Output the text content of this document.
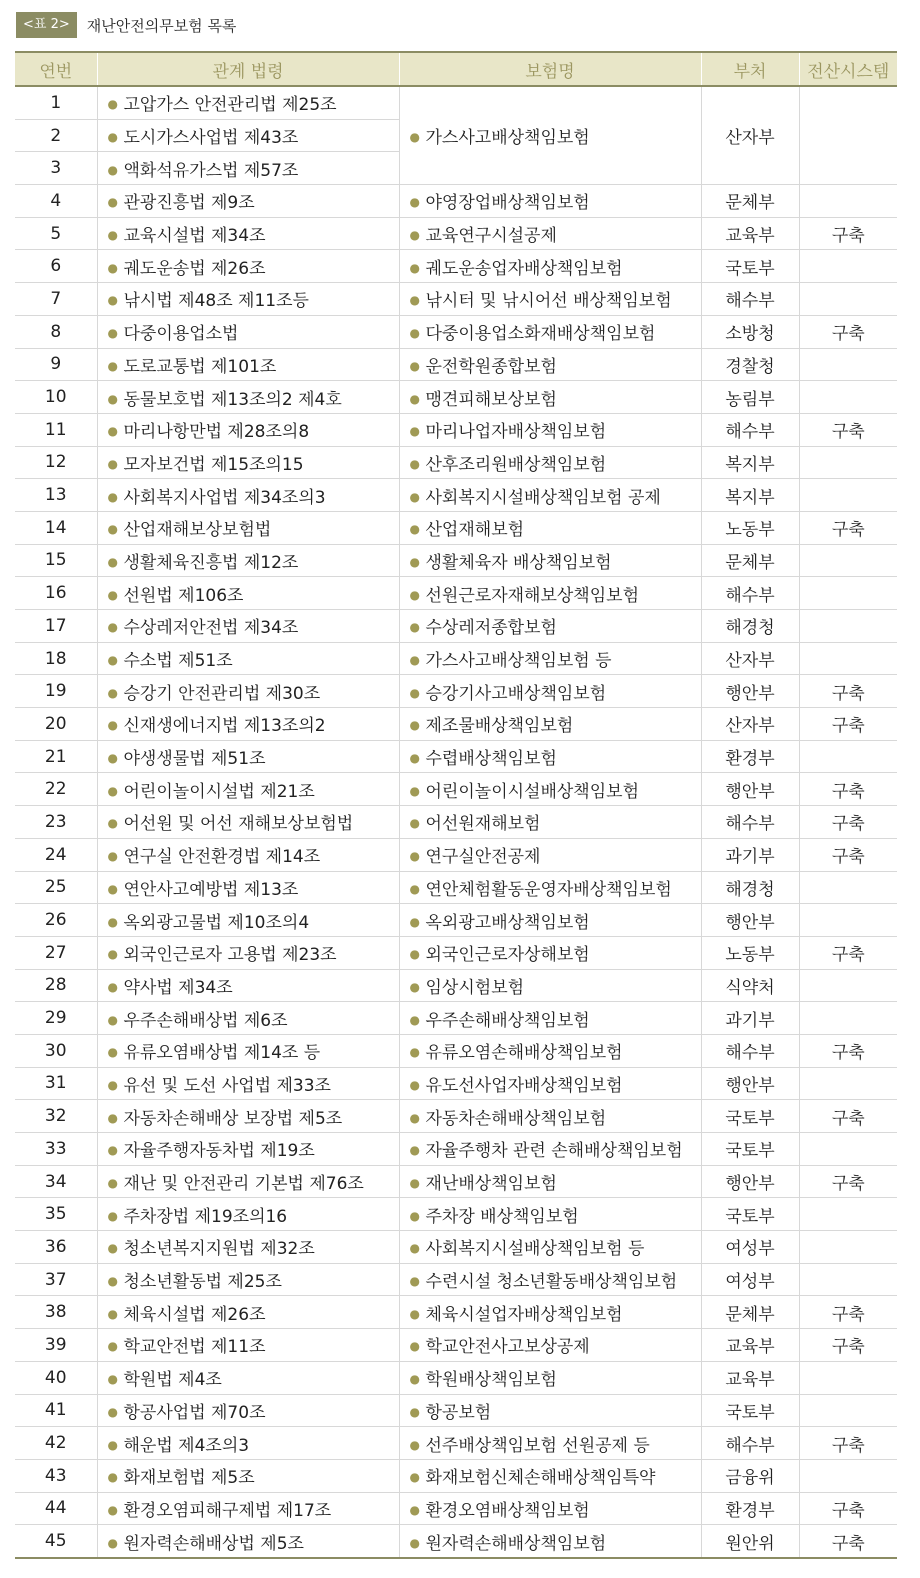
<표 2>	재난안전의무보험 목록
연번	관계 법령	보험명	부처	전산시스템
1	● 고압가스 안전관리법 제25조	● 가스사고배상책임보험	산자부	
2	● 도시가스사업법 제43조			
3	● 액화석유가스법 제57조			
4	● 관광진흥법 제9조	● 야영장업배상책임보험	문체부	
5	● 교육시설법 제34조	● 교육연구시설공제	교육부	구축
6	● 궤도운송법 제26조	● 궤도운송업자배상책임보험	국토부	
7	● 낚시법 제48조 제11조등	● 낚시터 및 낚시어선 배상책임보험	해수부	
8	● 다중이용업소법	● 다중이용업소화재배상책임보험	소방청	구축
9	● 도로교통법 제101조	● 운전학원종합보험	경찰청	
10	● 동물보호법 제13조의2 제4호	● 맹견피해보상보험	농림부	
11	● 마리나항만법 제28조의8	● 마리나업자배상책임보험	해수부	구축
12	● 모자보건법 제15조의15	● 산후조리원배상책임보험	복지부	
13	● 사회복지사업법 제34조의3	● 사회복지시설배상책임보험 공제	복지부	
14	● 산업재해보상보험법	● 산업재해보험	노동부	구축
15	● 생활체육진흥법 제12조	● 생활체육자 배상책임보험	문체부	
16	● 선원법 제106조	● 선원근로자재해보상책임보험	해수부	
17	● 수상레저안전법 제34조	● 수상레저종합보험	해경청	
18	● 수소법 제51조	● 가스사고배상책임보험 등	산자부	
19	● 승강기 안전관리법 제30조	● 승강기사고배상책임보험	행안부	구축
20	● 신재생에너지법 제13조의2	● 제조물배상책임보험	산자부	구축
21	● 야생생물법 제51조	● 수렵배상책임보험	환경부	
22	● 어린이놀이시설법 제21조	● 어린이놀이시설배상책임보험	행안부	구축
23	● 어선원 및 어선 재해보상보험법	● 어선원재해보험	해수부	구축
24	● 연구실 안전환경법 제14조	● 연구실안전공제	과기부	구축
25	● 연안사고예방법 제13조	● 연안체험활동운영자배상책임보험	해경청	
26	● 옥외광고물법 제10조의4	● 옥외광고배상책임보험	행안부	
27	● 외국인근로자 고용법 제23조	● 외국인근로자상해보험	노동부	구축
28	● 약사법 제34조	● 임상시험보험	식약처	
29	● 우주손해배상법 제6조	● 우주손해배상책임보험	과기부	
30	● 유류오염배상법 제14조 등	● 유류오염손해배상책임보험	해수부	구축
31	● 유선 및 도선 사업법 제33조	● 유도선사업자배상책임보험	행안부	
32	● 자동차손해배상 보장법 제5조	● 자동차손해배상책임보험	국토부	구축
33	● 자율주행자동차법 제19조	● 자율주행차 관련 손해배상책임보험	국토부	
34	● 재난 및 안전관리 기본법 제76조	● 재난배상책임보험	행안부	구축
35	● 주차장법 제19조의16	● 주차장 배상책임보험	국토부	
36	● 청소년복지지원법 제32조	● 사회복지시설배상책임보험 등	여성부	
37	● 청소년활동법 제25조	● 수련시설 청소년활동배상책임보험	여성부	
38	● 체육시설법 제26조	● 체육시설업자배상책임보험	문체부	구축
39	● 학교안전법 제11조	● 학교안전사고보상공제	교육부	구축
40	● 학원법 제4조	● 학원배상책임보험	교육부	
41	● 항공사업법 제70조	● 항공보험	국토부	
42	● 해운법 제4조의3	● 선주배상책임보험 선원공제 등	해수부	구축
43	● 화재보험법 제5조	● 화재보험신체손해배상책임특약	금융위	
44	● 환경오염피해구제법 제17조	● 환경오염배상책임보험	환경부	구축
45	● 원자력손해배상법 제5조	● 원자력손해배상책임보험	원안위	구축
